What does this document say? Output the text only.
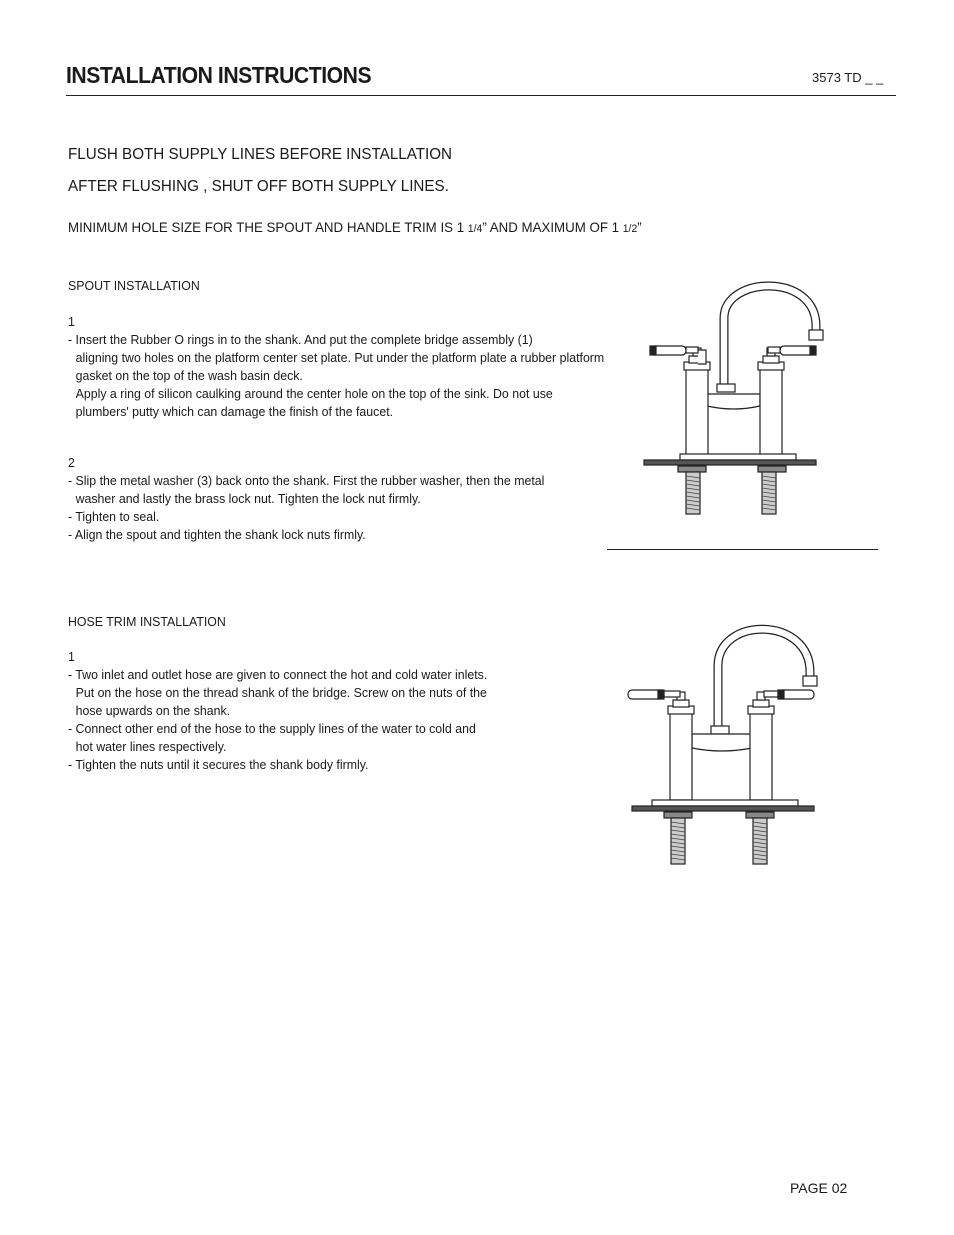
INSTALLATION INSTRUCTIONS	3573 TD _ _
FLUSH BOTH SUPPLY LINES BEFORE INSTALLATION
AFTER FLUSHING , SHUT OFF BOTH SUPPLY LINES.
MINIMUM HOLE SIZE FOR THE SPOUT AND HANDLE TRIM IS 1 1/4” AND MAXIMUM OF 1 1/2”
SPOUT INSTALLATION
1
- Insert the Rubber O rings in to the shank. And put the complete bridge assembly (1)
aligning two holes on the platform center set plate. Put under the platform plate a rubber platform
gasket on the top of the wash basin deck.
Apply a ring of silicon caulking around the center hole on the top of the sink. Do not use
plumbers' putty which can damage the finish of the faucet.
2
- Slip the metal washer (3) back onto the shank. First the rubber washer, then the metal
washer and lastly the brass lock nut. Tighten the lock nut firmly.
- Tighten to seal.
- Align the spout and tighten the shank lock nuts firmly.
HOSE TRIM INSTALLATION
1
- Two inlet and outlet hose are given to connect the hot and cold water inlets.
Put on the hose on the thread shank of the bridge. Screw on the nuts of the
hose upwards on the shank.
- Connect other end of the hose to the supply lines of the water to cold and
hot water lines respectively.
- Tighten the nuts until it secures the shank body firmly.
PAGE 02
